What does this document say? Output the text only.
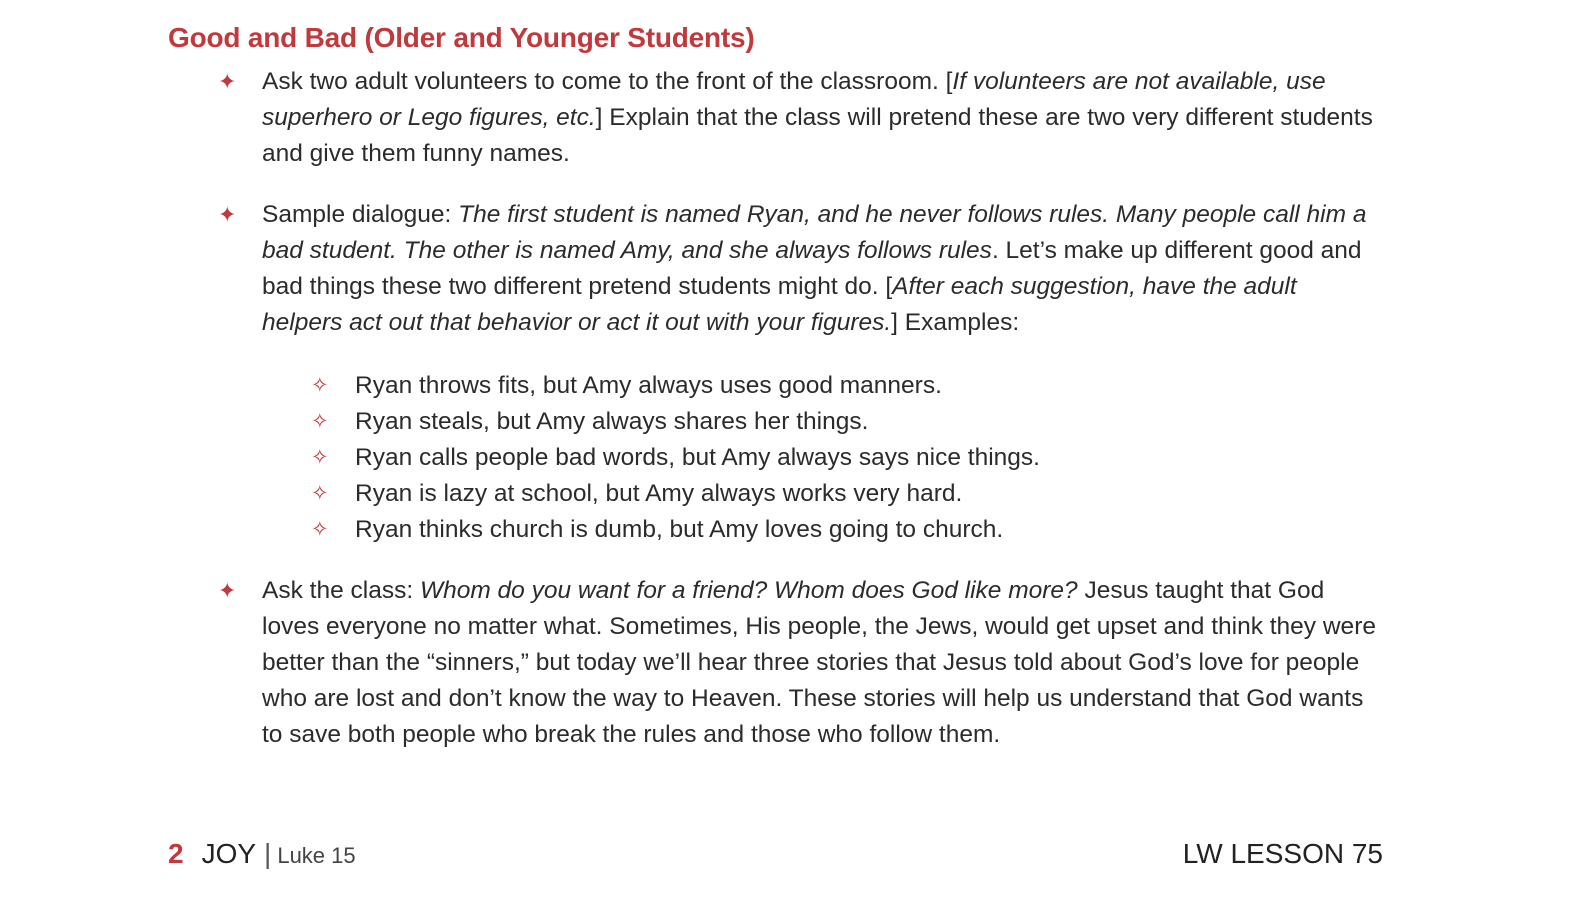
Good and Bad (Older and Younger Students)
✦ Ask two adult volunteers to come to the front of the classroom. [If volunteers are not available, use superhero or Lego figures, etc.] Explain that the class will pretend these are two very different students and give them funny names.
✦ Sample dialogue: The first student is named Ryan, and he never follows rules. Many people call him a bad student. The other is named Amy, and she always follows rules. Let’s make up different good and bad things these two different pretend students might do. [After each suggestion, have the adult helpers act out that behavior or act it out with your figures.] Examples:
✧ Ryan throws fits, but Amy always uses good manners.
✧ Ryan steals, but Amy always shares her things.
✧ Ryan calls people bad words, but Amy always says nice things.
✧ Ryan is lazy at school, but Amy always works very hard.
✧ Ryan thinks church is dumb, but Amy loves going to church.
✦ Ask the class: Whom do you want for a friend? Whom does God like more? Jesus taught that God loves everyone no matter what. Sometimes, His people, the Jews, would get upset and think they were better than the “sinners,” but today we’ll hear three stories that Jesus told about God’s love for people who are lost and don’t know the way to Heaven. These stories will help us understand that God wants to save both people who break the rules and those who follow them.
2 JOY | Luke 15	LW LESSON 75
